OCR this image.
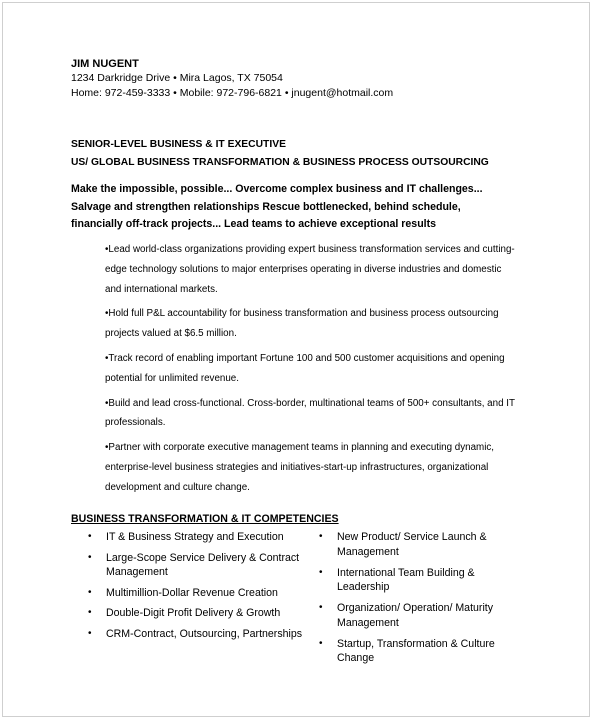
JIM NUGENT
1234 Darkridge Drive • Mira Lagos, TX 75054
Home: 972-459-3333 • Mobile: 972-796-6821 • jnugent@hotmail.com
SENIOR-LEVEL BUSINESS & IT EXECUTIVE
US/ GLOBAL BUSINESS TRANSFORMATION & BUSINESS PROCESS OUTSOURCING
Make the impossible, possible... Overcome complex business and IT challenges... Salvage and strengthen relationships Rescue bottlenecked, behind schedule, financially off-track projects... Lead teams to achieve exceptional results

•Lead world-class organizations providing expert business transformation services and cutting-edge technology solutions to major enterprises operating in diverse industries and domestic and international markets.

•Hold full P&L accountability for business transformation and business process outsourcing projects valued at $6.5 million.

•Track record of enabling important Fortune 100 and 500 customer acquisitions and opening potential for unlimited revenue.

•Build and lead cross-functional. Cross-border, multinational teams of 500+ consultants, and IT professionals.

•Partner with corporate executive management teams in planning and executing dynamic, enterprise-level business strategies and initiatives-start-up infrastructures, organizational development and culture change.

BUSINESS TRANSFORMATION & IT COMPETENCIES
• IT & Business Strategy and Execution
• Large-Scope Service Delivery & Contract Management
• Multimillion-Dollar Revenue Creation
• Double-Digit Profit Delivery & Growth
• CRM-Contract, Outsourcing, Partnerships
• New Product/ Service Launch & Management
• International Team Building & Leadership
• Organization/ Operation/ Maturity Management
• Startup, Transformation & Culture Change
